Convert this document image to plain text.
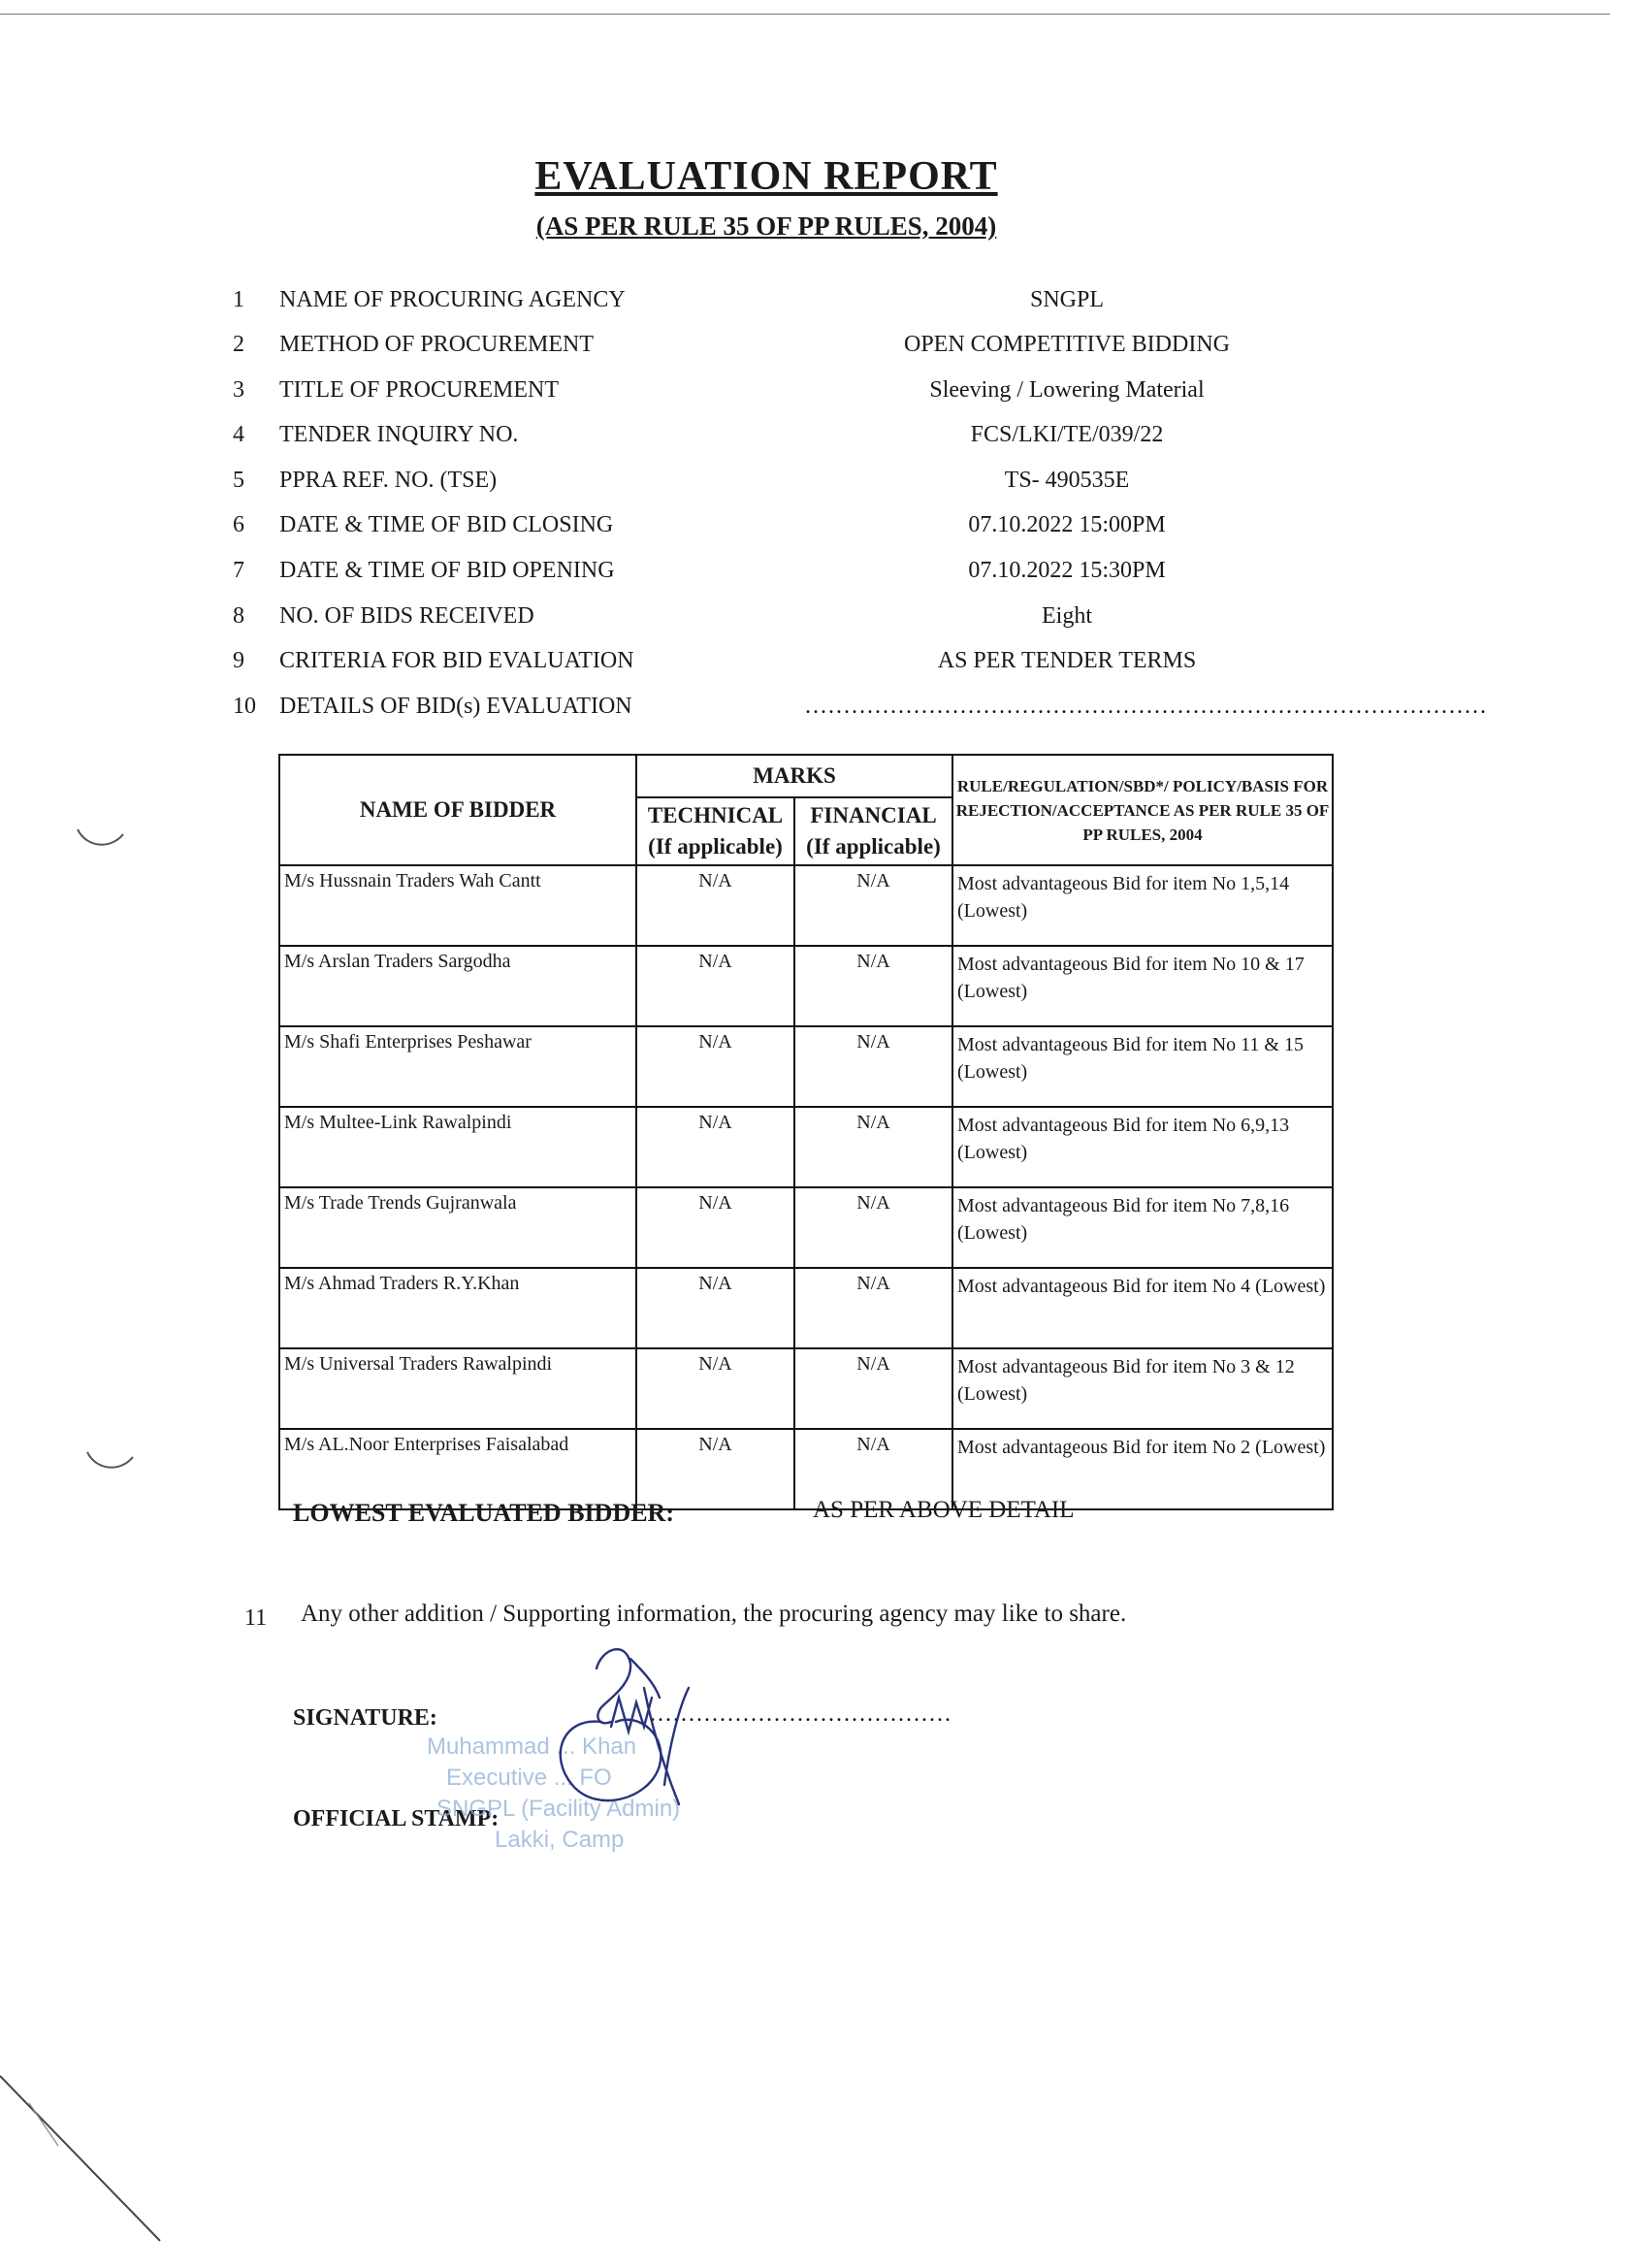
EVALUATION REPORT
(AS PER RULE 35 OF PP RULES, 2004)
1	NAME OF PROCURING AGENCY	SNGPL
2	METHOD OF PROCUREMENT	OPEN COMPETITIVE BIDDING
3	TITLE OF PROCUREMENT	Sleeving / Lowering Material
4	TENDER INQUIRY NO.	FCS/LKI/TE/039/22
5	PPRA REF. NO. (TSE)	TS- 490535E
6	DATE & TIME OF BID CLOSING	07.10.2022 15:00PM
7	DATE & TIME OF BID OPENING	07.10.2022 15:30PM
8	NO. OF BIDS RECEIVED	Eight
9	CRITERIA FOR BID EVALUATION	AS PER TENDER TERMS
10 DETAILS OF BID(s) EVALUATION	........................................................................................
NAME OF BIDDER	MARKS		RULE/REGULATION/SBD*/ POLICY/BASIS FOR REJECTION/ACCEPTANCE AS PER RULE 35 OF PP RULES, 2004
	TECHNICAL (If applicable)	FINANCIAL (If applicable)	
M/s Hussnain Traders Wah Cantt	N/A	N/A	Most advantageous Bid for item No 1,5,14 (Lowest)
M/s Arslan Traders Sargodha	N/A	N/A	Most advantageous Bid for item No 10 & 17 (Lowest)
M/s Shafi Enterprises Peshawar	N/A	N/A	Most advantageous Bid for item No 11 & 15 (Lowest)
M/s Multee-Link Rawalpindi	N/A	N/A	Most advantageous Bid for item No 6,9,13 (Lowest)
M/s Trade Trends Gujranwala	N/A	N/A	Most advantageous Bid for item No 7,8,16 (Lowest)
M/s Ahmad Traders R.Y.Khan	N/A	N/A	Most advantageous Bid for item No 4 (Lowest)
M/s Universal Traders Rawalpindi	N/A	N/A	Most advantageous Bid for item No 3 & 12 (Lowest)
M/s AL.Noor Enterprises Faisalabad	N/A	N/A	Most advantageous Bid for item No 2 (Lowest)
LOWEST EVALUATED BIDDER:	AS PER ABOVE DETAIL
11 Any other addition / Supporting information, the procuring agency may like to share.
SIGNATURE:	.......................................
OFFICIAL STAMP:
Muhammad ... Khan
Executive ... FO
SNGPL (Facility Admin)
Lakki, Camp
